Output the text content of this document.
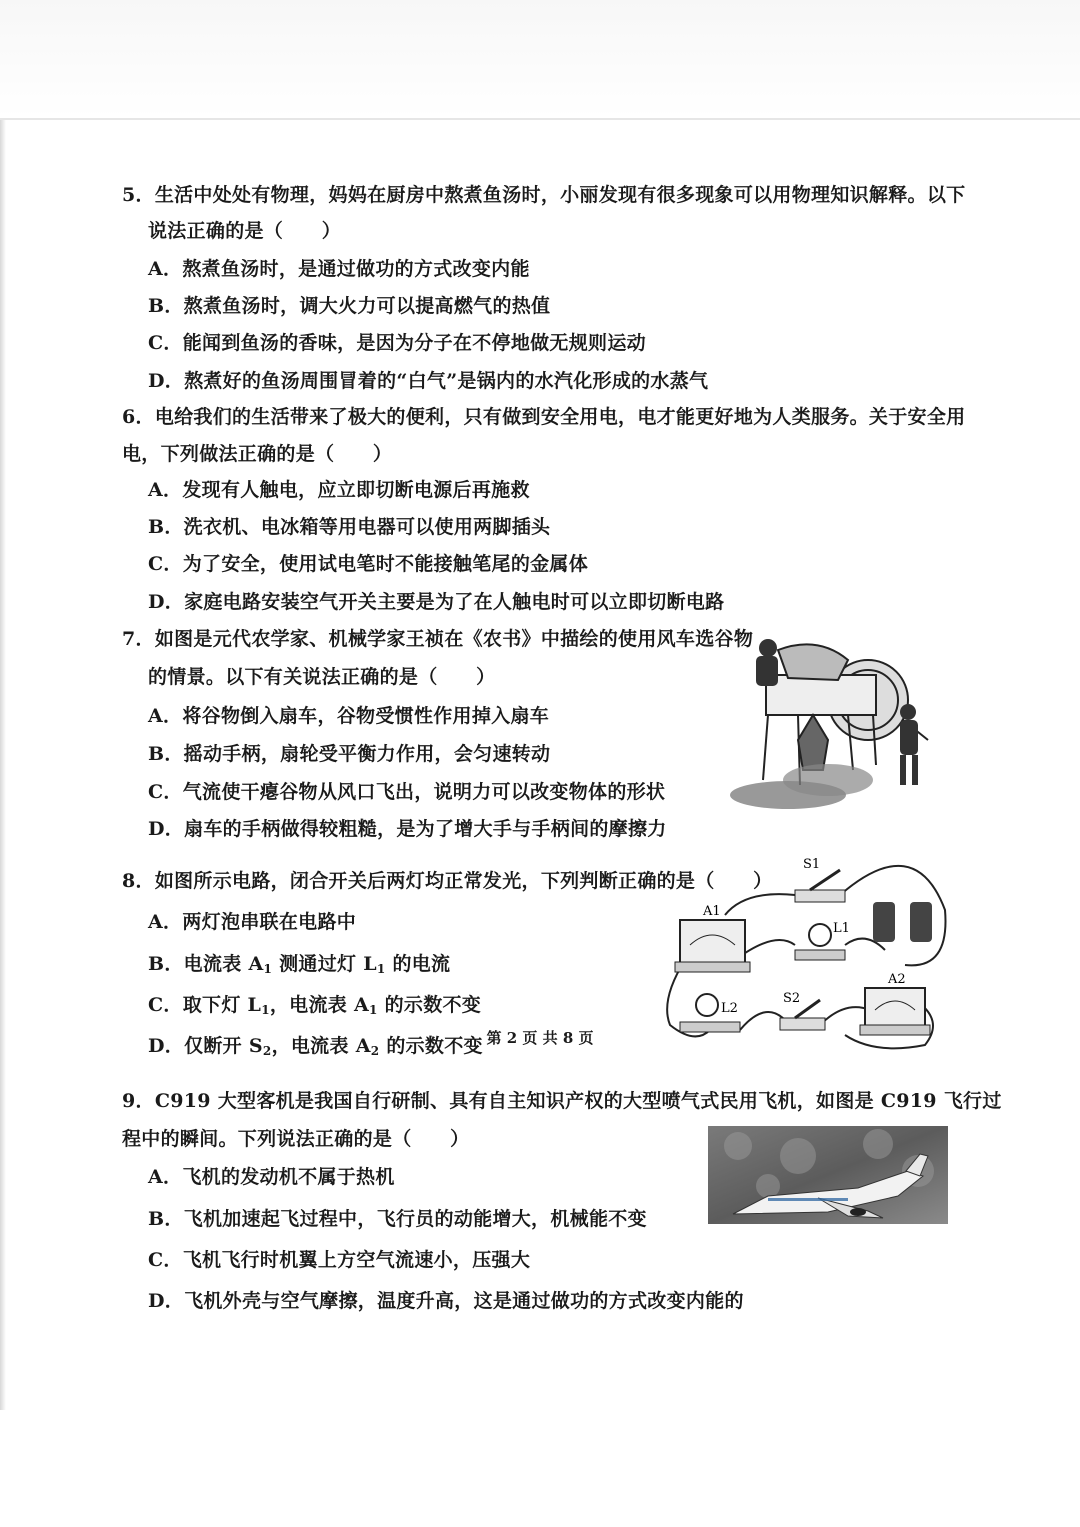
5．生活中处处有物理，妈妈在厨房中熬煮鱼汤时，小丽发现有很多现象可以用物理知识解释。以下
说法正确的是（　　）
A．熬煮鱼汤时，是通过做功的方式改变内能
B．熬煮鱼汤时，调大火力可以提高燃气的热值
C．能闻到鱼汤的香味，是因为分子在不停地做无规则运动
D．熬煮好的鱼汤周围冒着的“白气”是锅内的水汽化形成的水蒸气
6．电给我们的生活带来了极大的便利，只有做到安全用电，电才能更好地为人类服务。关于安全用
电，下列做法正确的是（　　）
A．发现有人触电，应立即切断电源后再施救
B．洗衣机、电冰箱等用电器可以使用两脚插头
C．为了安全，使用试电笔时不能接触笔尾的金属体
D．家庭电路安装空气开关主要是为了在人触电时可以立即切断电路
7．如图是元代农学家、机械学家王祯在《农书》中描绘的使用风车选谷物
的情景。以下有关说法正确的是（　　）
A．将谷物倒入扇车，谷物受惯性作用掉入扇车
B．摇动手柄，扇轮受平衡力作用，会匀速转动
C．气流使干瘪谷物从风口飞出，说明力可以改变物体的形状
D．扇车的手柄做得较粗糙，是为了增大手与手柄间的摩擦力
8．如图所示电路，闭合开关后两灯均正常发光，下列判断正确的是（　　）
A．两灯泡串联在电路中
B．电流表 $A_1$ 测通过灯 $L_1$ 的电流
C．取下灯 $L_1$，电流表 $A_1$ 的示数不变
D．仅断开 $S_2$，电流表 $A_2$ 的示数不变
S1
A1
L1
A2
L2
S2
9．C919 大型客机是我国自行研制、具有自主知识产权的大型喷气式民用飞机，如图是 C919 飞行过
程中的瞬间。下列说法正确的是（　　）
A．飞机的发动机不属于热机
B．飞机加速起飞过程中，飞行员的动能增大，机械能不变
C．飞机飞行时机翼上方空气流速小，压强大
D．飞机外壳与空气摩擦，温度升高，这是通过做功的方式改变内能的
第 2 页 共 8 页
